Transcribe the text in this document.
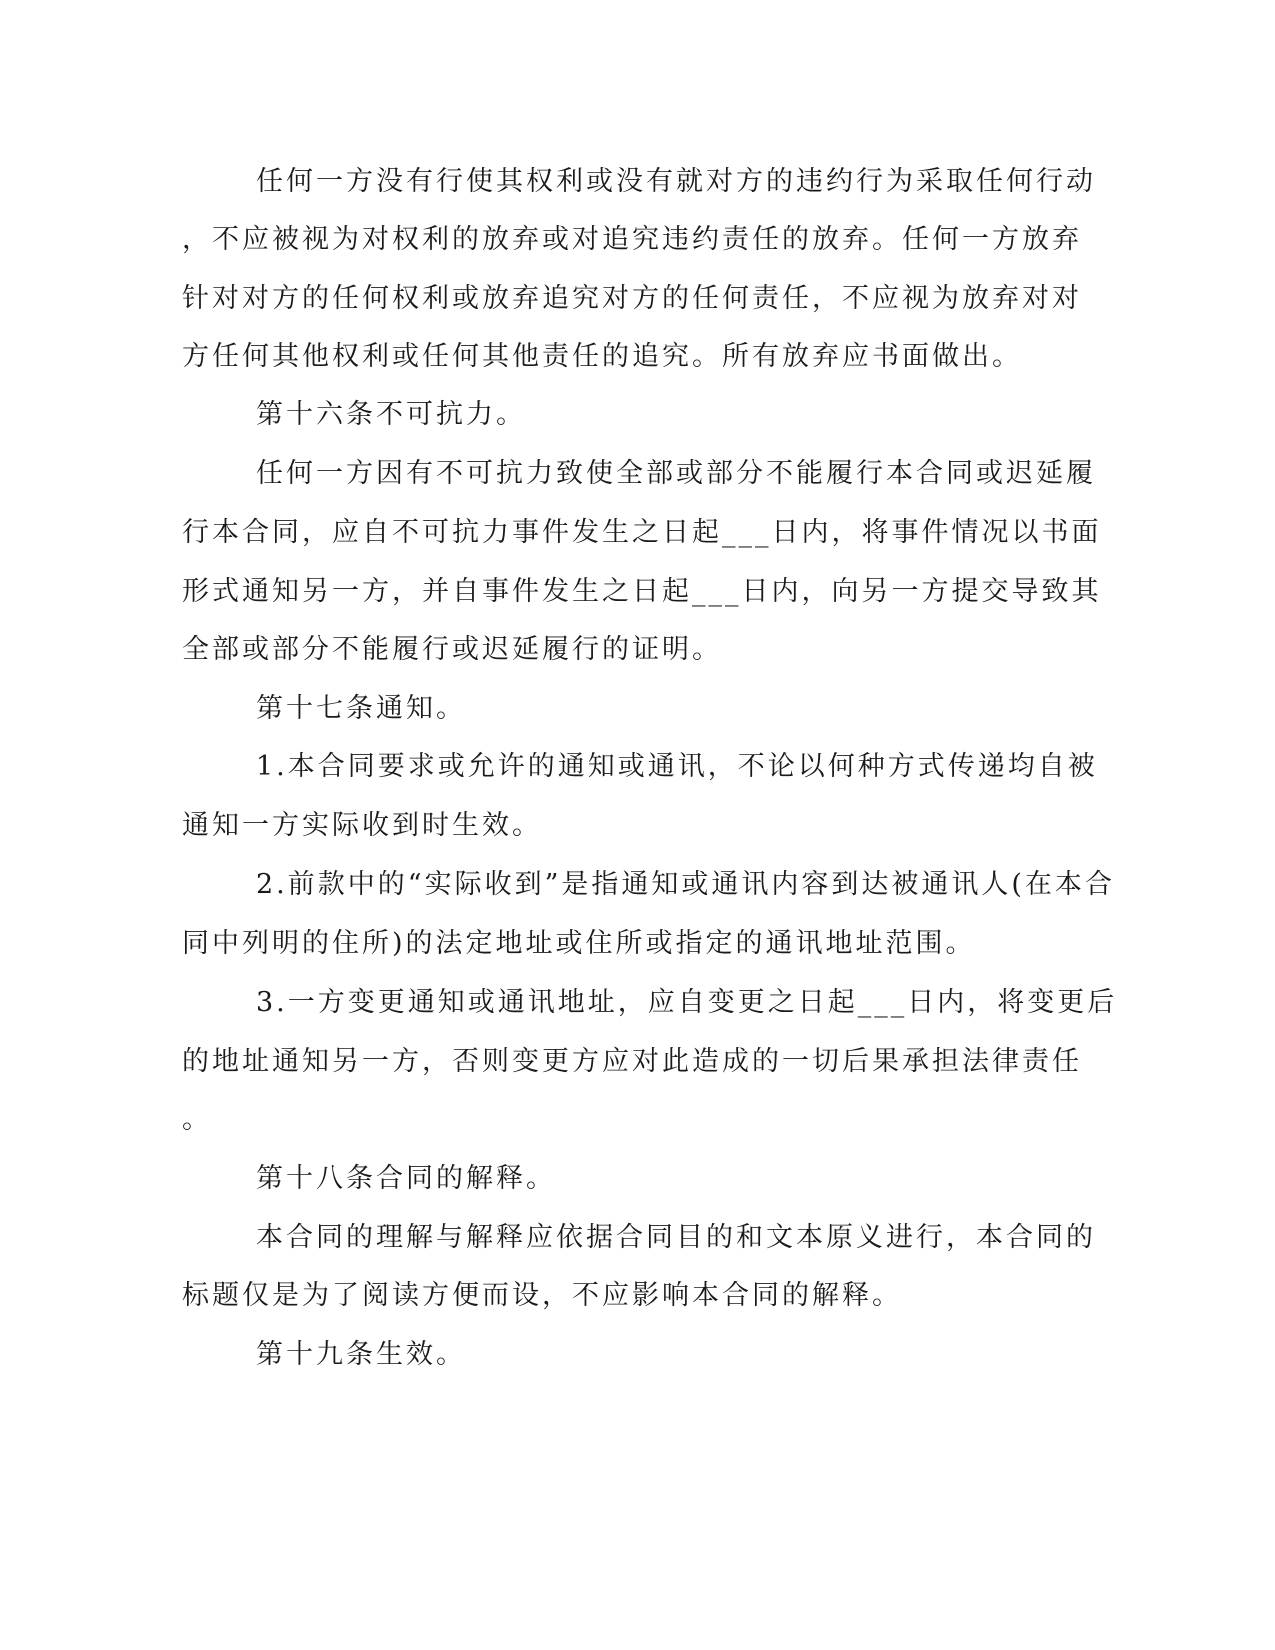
任何一方没有行使其权利或没有就对方的违约行为采取任何行动
，不应被视为对权利的放弃或对追究违约责任的放弃。任何一方放弃
针对对方的任何权利或放弃追究对方的任何责任，不应视为放弃对对
方任何其他权利或任何其他责任的追究。所有放弃应书面做出。
第十六条不可抗力。
任何一方因有不可抗力致使全部或部分不能履行本合同或迟延履
行本合同，应自不可抗力事件发生之日起___日内，将事件情况以书面
形式通知另一方，并自事件发生之日起___日内，向另一方提交导致其
全部或部分不能履行或迟延履行的证明。
第十七条通知。
1.本合同要求或允许的通知或通讯，不论以何种方式传递均自被
通知一方实际收到时生效。
2.前款中的“实际收到”是指通知或通讯内容到达被通讯人(在本合
同中列明的住所)的法定地址或住所或指定的通讯地址范围。
3.一方变更通知或通讯地址，应自变更之日起___日内，将变更后
的地址通知另一方，否则变更方应对此造成的一切后果承担法律责任
。
第十八条合同的解释。
本合同的理解与解释应依据合同目的和文本原义进行，本合同的
标题仅是为了阅读方便而设，不应影响本合同的解释。
第十九条生效。
